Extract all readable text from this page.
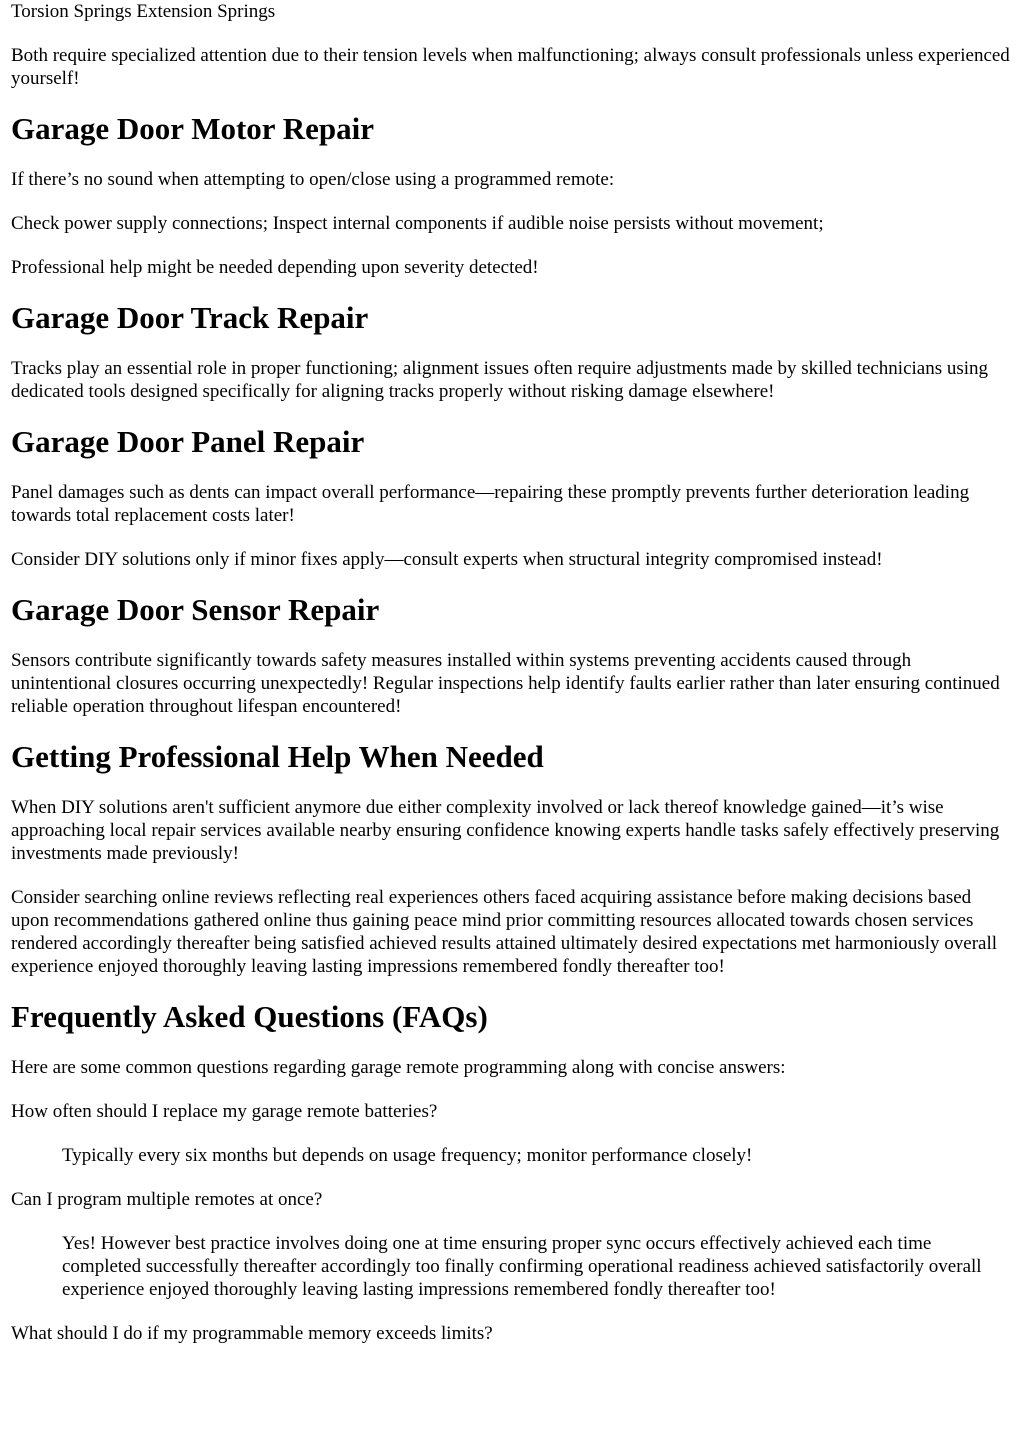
Torsion Springs Extension Springs

Both require specialized attention due to their tension levels when malfunctioning; always consult professionals unless experienced yourself!

Garage Door Motor Repair

If there’s no sound when attempting to open/close using a programmed remote:

Check power supply connections; Inspect internal components if audible noise persists without movement;

Professional help might be needed depending upon severity detected!

Garage Door Track Repair

Tracks play an essential role in proper functioning; alignment issues often require adjustments made by skilled technicians using dedicated tools designed specifically for aligning tracks properly without risking damage elsewhere!

Garage Door Panel Repair

Panel damages such as dents can impact overall performance—repairing these promptly prevents further deterioration leading towards total replacement costs later!

Consider DIY solutions only if minor fixes apply—consult experts when structural integrity compromised instead!

Garage Door Sensor Repair

Sensors contribute significantly towards safety measures installed within systems preventing accidents caused through unintentional closures occurring unexpectedly! Regular inspections help identify faults earlier rather than later ensuring continued reliable operation throughout lifespan encountered!

Getting Professional Help When Needed

When DIY solutions aren't sufficient anymore due either complexity involved or lack thereof knowledge gained—it’s wise approaching local repair services available nearby ensuring confidence knowing experts handle tasks safely effectively preserving investments made previously!

Consider searching online reviews reflecting real experiences others faced acquiring assistance before making decisions based upon recommendations gathered online thus gaining peace mind prior committing resources allocated towards chosen services rendered accordingly thereafter being satisfied achieved results attained ultimately desired expectations met harmoniously overall experience enjoyed thoroughly leaving lasting impressions remembered fondly thereafter too!

Frequently Asked Questions (FAQs)

Here are some common questions regarding garage remote programming along with concise answers:

How often should I replace my garage remote batteries?
Typically every six months but depends on usage frequency; monitor performance closely!
Can I program multiple remotes at once?
Yes! However best practice involves doing one at time ensuring proper sync occurs effectively achieved each time completed successfully thereafter accordingly too finally confirming operational readiness achieved satisfactorily overall experience enjoyed thoroughly leaving lasting impressions remembered fondly thereafter too!
What should I do if my programmable memory exceeds limits?
